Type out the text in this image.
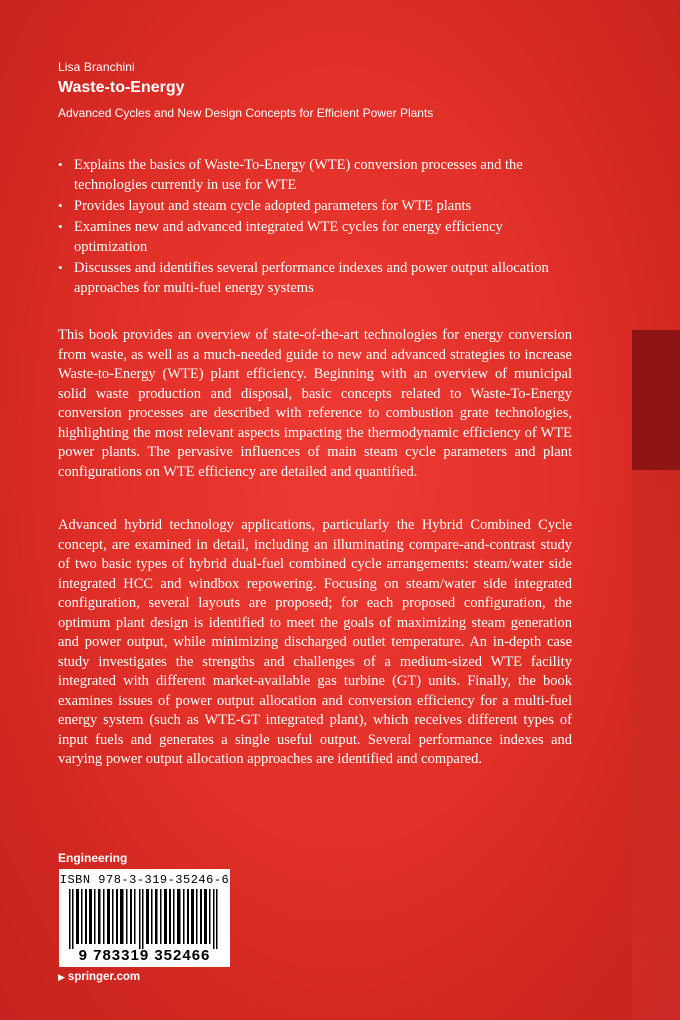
Lisa Branchini
Waste-to-Energy
Advanced Cycles and New Design Concepts for Efficient Power Plants
• Explains the basics of Waste-To-Energy (WTE) conversion processes and the technologies currently in use for WTE
• Provides layout and steam cycle adopted parameters for WTE plants
• Examines new and advanced integrated WTE cycles for energy efficiency optimization
• Discusses and identifies several performance indexes and power output allocation approaches for multi-fuel energy systems

This book provides an overview of state-of-the-art technologies for energy conversion from waste, as well as a much-needed guide to new and advanced strategies to increase Waste-to-Energy (WTE) plant efficiency. Beginning with an overview of municipal solid waste production and disposal, basic concepts related to Waste-To-Energy conversion processes are described with reference to combustion grate technologies, highlighting the most relevant aspects impacting the thermodynamic efficiency of WTE power plants. The pervasive influences of main steam cycle parameters and plant configurations on WTE efficiency are detailed and quantified.

Advanced hybrid technology applications, particularly the Hybrid Combined Cycle concept, are examined in detail, including an illuminating compare-and-contrast study of two basic types of hybrid dual-fuel combined cycle arrangements: steam/water side integrated HCC and windbox repowering. Focusing on steam/water side integrated configuration, several layouts are proposed; for each proposed configuration, the optimum plant design is identified to meet the goals of maximizing steam generation and power output, while minimizing discharged outlet temperature. An in-depth case study investigates the strengths and challenges of a medium-sized WTE facility integrated with different market-available gas turbine (GT) units. Finally, the book examines issues of power output allocation and conversion efficiency for a multi-fuel energy system (such as WTE-GT integrated plant), which receives different types of input fuels and generates a single useful output. Several performance indexes and varying power output allocation approaches are identified and compared.

Engineering
ISBN 978-3-319-35246-6
9 783319 352466
▶ springer.com
